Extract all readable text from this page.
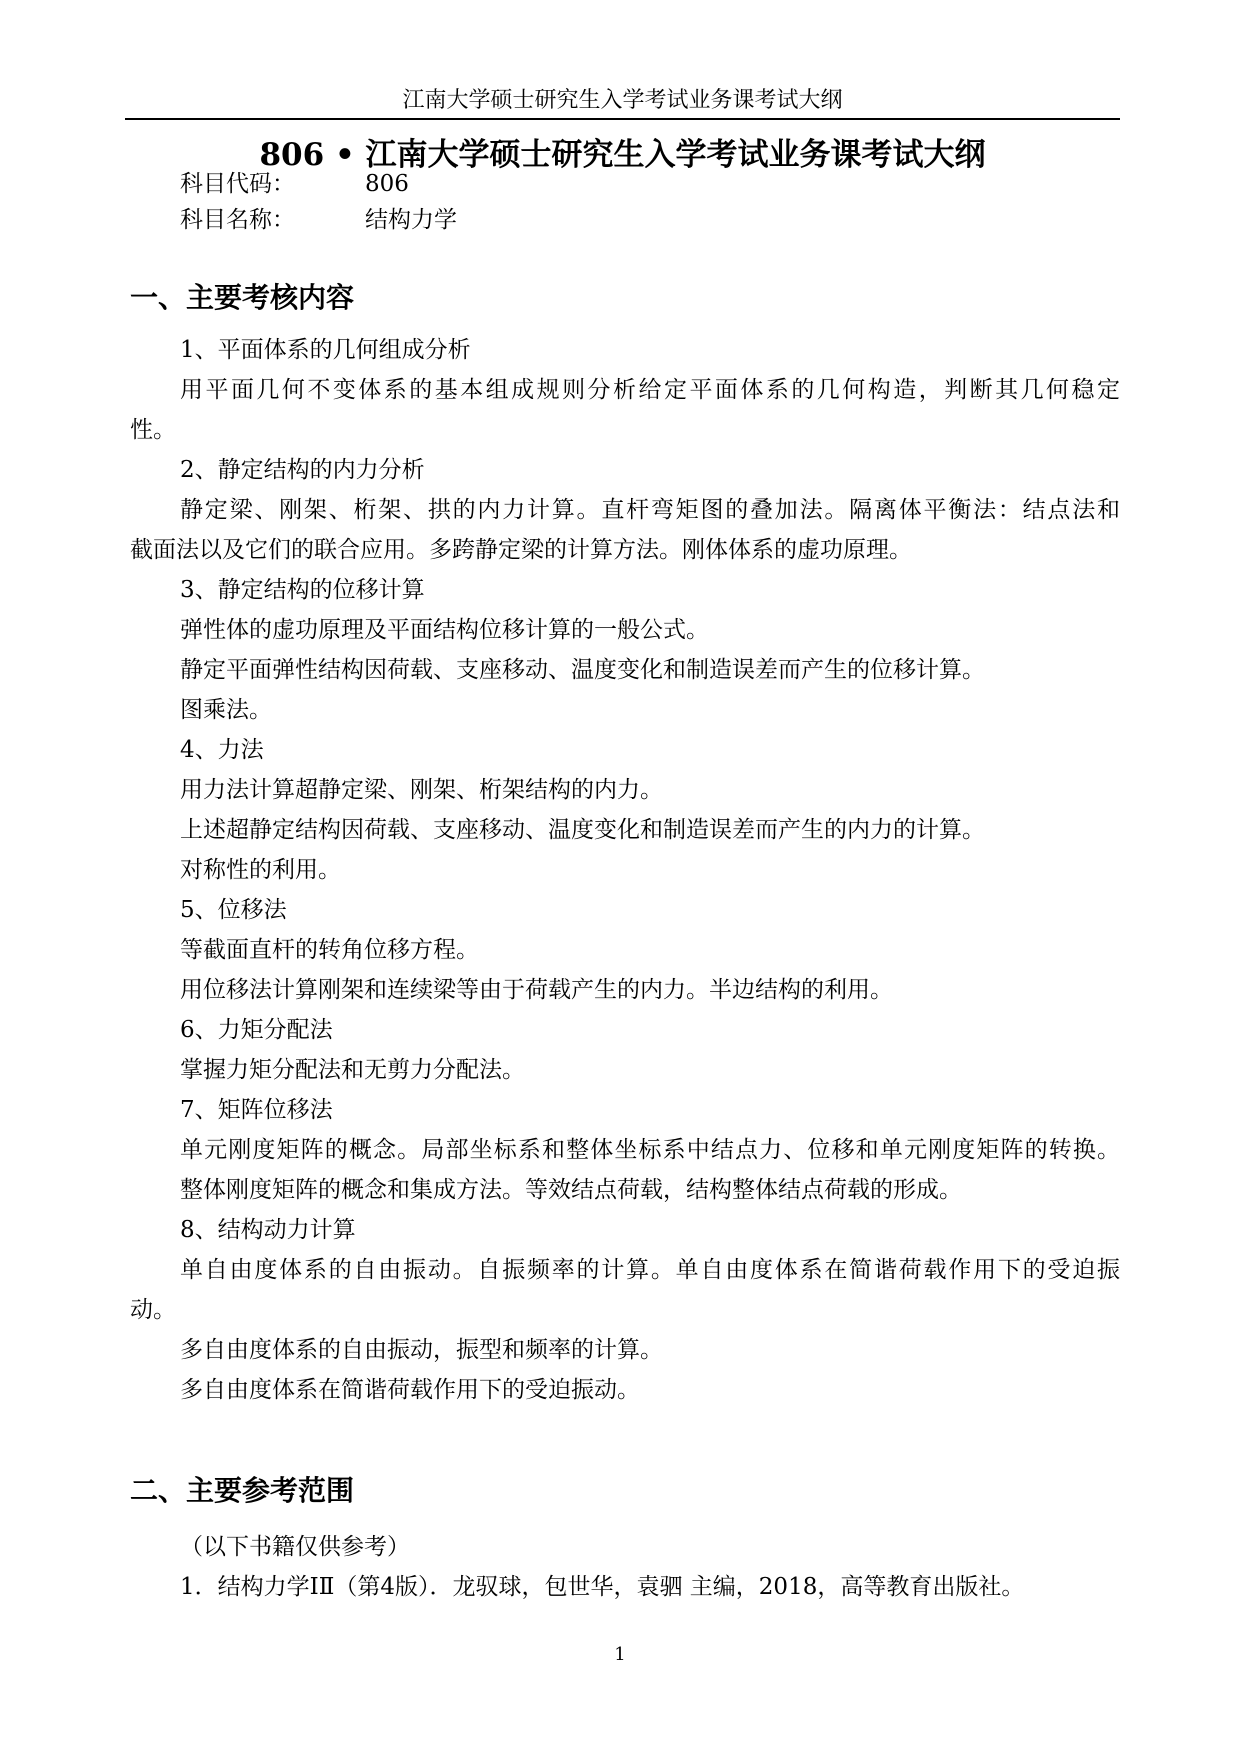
江南大学硕士研究生入学考试业务课考试大纲
806 • 江南大学硕士研究生入学考试业务课考试大纲
科目代码：	806
科目名称：	结构力学
一、主要考核内容
1、平面体系的几何组成分析
用平面几何不变体系的基本组成规则分析给定平面体系的几何构造，判断其几何稳定
性。
2、静定结构的内力分析
静定梁、刚架、桁架、拱的内力计算。直杆弯矩图的叠加法。隔离体平衡法：结点法和
截面法以及它们的联合应用。多跨静定梁的计算方法。刚体体系的虚功原理。
3、静定结构的位移计算
弹性体的虚功原理及平面结构位移计算的一般公式。
静定平面弹性结构因荷载、支座移动、温度变化和制造误差而产生的位移计算。
图乘法。
4、力法
用力法计算超静定梁、刚架、桁架结构的内力。
上述超静定结构因荷载、支座移动、温度变化和制造误差而产生的内力的计算。
对称性的利用。
5、位移法
等截面直杆的转角位移方程。
用位移法计算刚架和连续梁等由于荷载产生的内力。半边结构的利用。
6、力矩分配法
掌握力矩分配法和无剪力分配法。
7、矩阵位移法
单元刚度矩阵的概念。局部坐标系和整体坐标系中结点力、位移和单元刚度矩阵的转换。
整体刚度矩阵的概念和集成方法。等效结点荷载，结构整体结点荷载的形成。
8、结构动力计算
单自由度体系的自由振动。自振频率的计算。单自由度体系在简谐荷载作用下的受迫振
动。
多自由度体系的自由振动，振型和频率的计算。
多自由度体系在简谐荷载作用下的受迫振动。
二、主要参考范围
（以下书籍仅供参考）
1．结构力学ⅠⅡ（第4版）．龙驭球，包世华，袁驷 主编，2018，高等教育出版社。
1
